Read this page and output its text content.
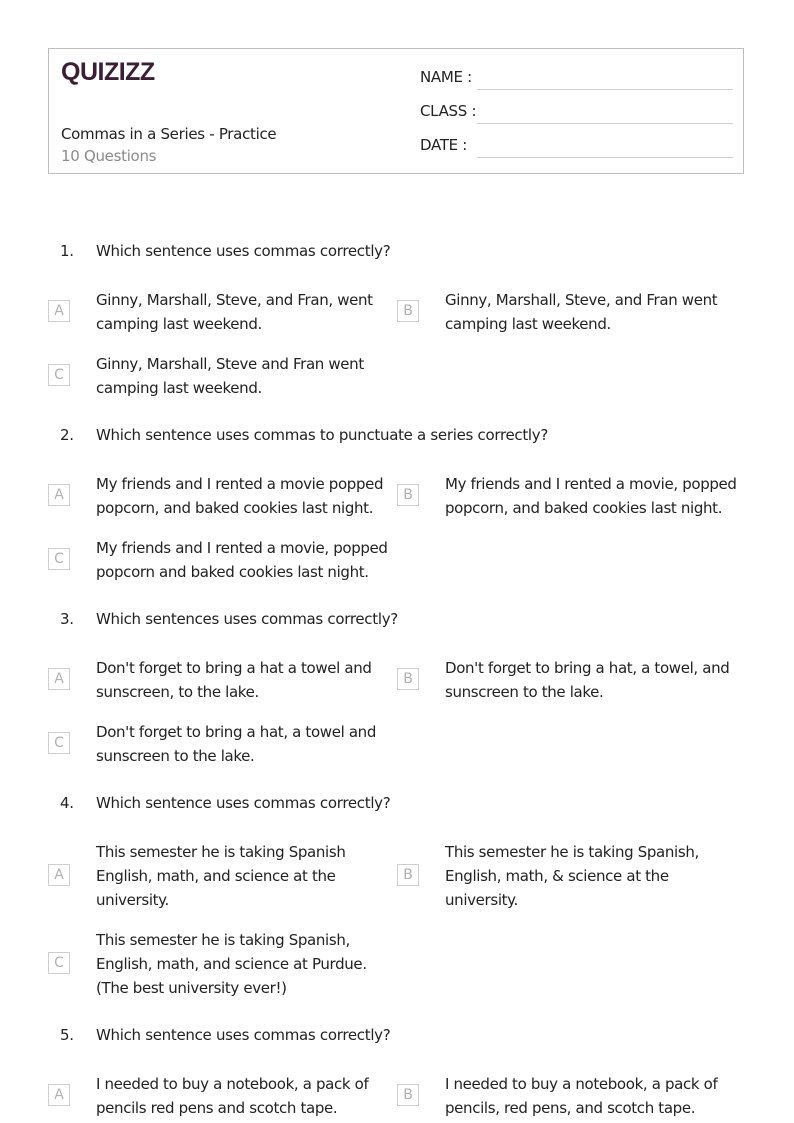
QUIZIZZ
Commas in a Series - Practice
10 Questions
NAME :
CLASS :
DATE :
1. Which sentence uses commas correctly?
A
Ginny, Marshall, Steve, and Fran, went camping last weekend.
B
Ginny, Marshall, Steve, and Fran went camping last weekend.
C
Ginny, Marshall, Steve and Fran went camping last weekend.
2. Which sentence uses commas to punctuate a series correctly?
A
My friends and I rented a movie popped popcorn, and baked cookies last night.
B
My friends and I rented a movie, popped popcorn, and baked cookies last night.
C
My friends and I rented a movie, popped popcorn and baked cookies last night.
3. Which sentences uses commas correctly?
A
Don't forget to bring a hat a towel and sunscreen, to the lake.
B
Don't forget to bring a hat, a towel, and sunscreen to the lake.
C
Don't forget to bring a hat, a towel and sunscreen to the lake.
4. Which sentence uses commas correctly?
A
This semester he is taking Spanish English, math, and science at the university.
B
This semester he is taking Spanish, English, math, & science at the university.
C
This semester he is taking Spanish, English, math, and science at Purdue. (The best university ever!)
5. Which sentence uses commas correctly?
A
I needed to buy a notebook, a pack of pencils red pens and scotch tape.
B
I needed to buy a notebook, a pack of pencils, red pens, and scotch tape.
